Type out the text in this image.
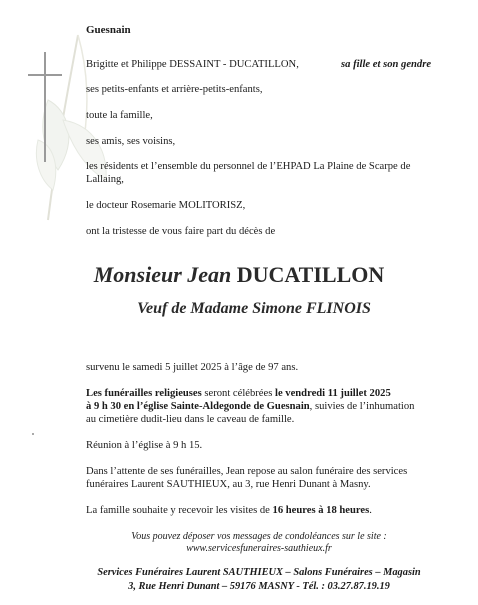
Guesnain

Brigitte et Philippe DESSAINT - DUCATILLON,	sa fille et son gendre

ses petits-enfants et arrière-petits-enfants,

toute la famille,

ses amis, ses voisins,

les résidents et l’ensemble du personnel de l’EHPAD La Plaine de Scarpe de

Lallaing,

le docteur Rosemarie MOLITORISZ,

ont la tristesse de vous faire part du décès de

Monsieur Jean DUCATILLON
Veuf de Madame Simone FLINOIS

survenu le samedi 5 juillet 2025 à l’âge de 97 ans.

Les funérailles religieuses seront célébrées le vendredi 11 juillet 2025

à 9 h 30 en l’église Sainte-Aldegonde de Guesnain, suivies de l’inhumation

au cimetière dudit-lieu dans le caveau de famille.

Réunion à l’église à 9 h 15.

Dans l’attente de ses funérailles, Jean repose au salon funéraire des services

funéraires Laurent SAUTHIEUX, au 3, rue Henri Dunant à Masny.

La famille souhaite y recevoir les visites de 16 heures à 18 heures.

Vous pouvez déposer vos messages de condoléances sur le site :
www.servicesfuneraires-sauthieux.fr
Services Funéraires Laurent SAUTHIEUX – Salons Funéraires – Magasin
3, Rue Henri Dunant – 59176 MASNY - Tél. : 03.27.87.19.19
